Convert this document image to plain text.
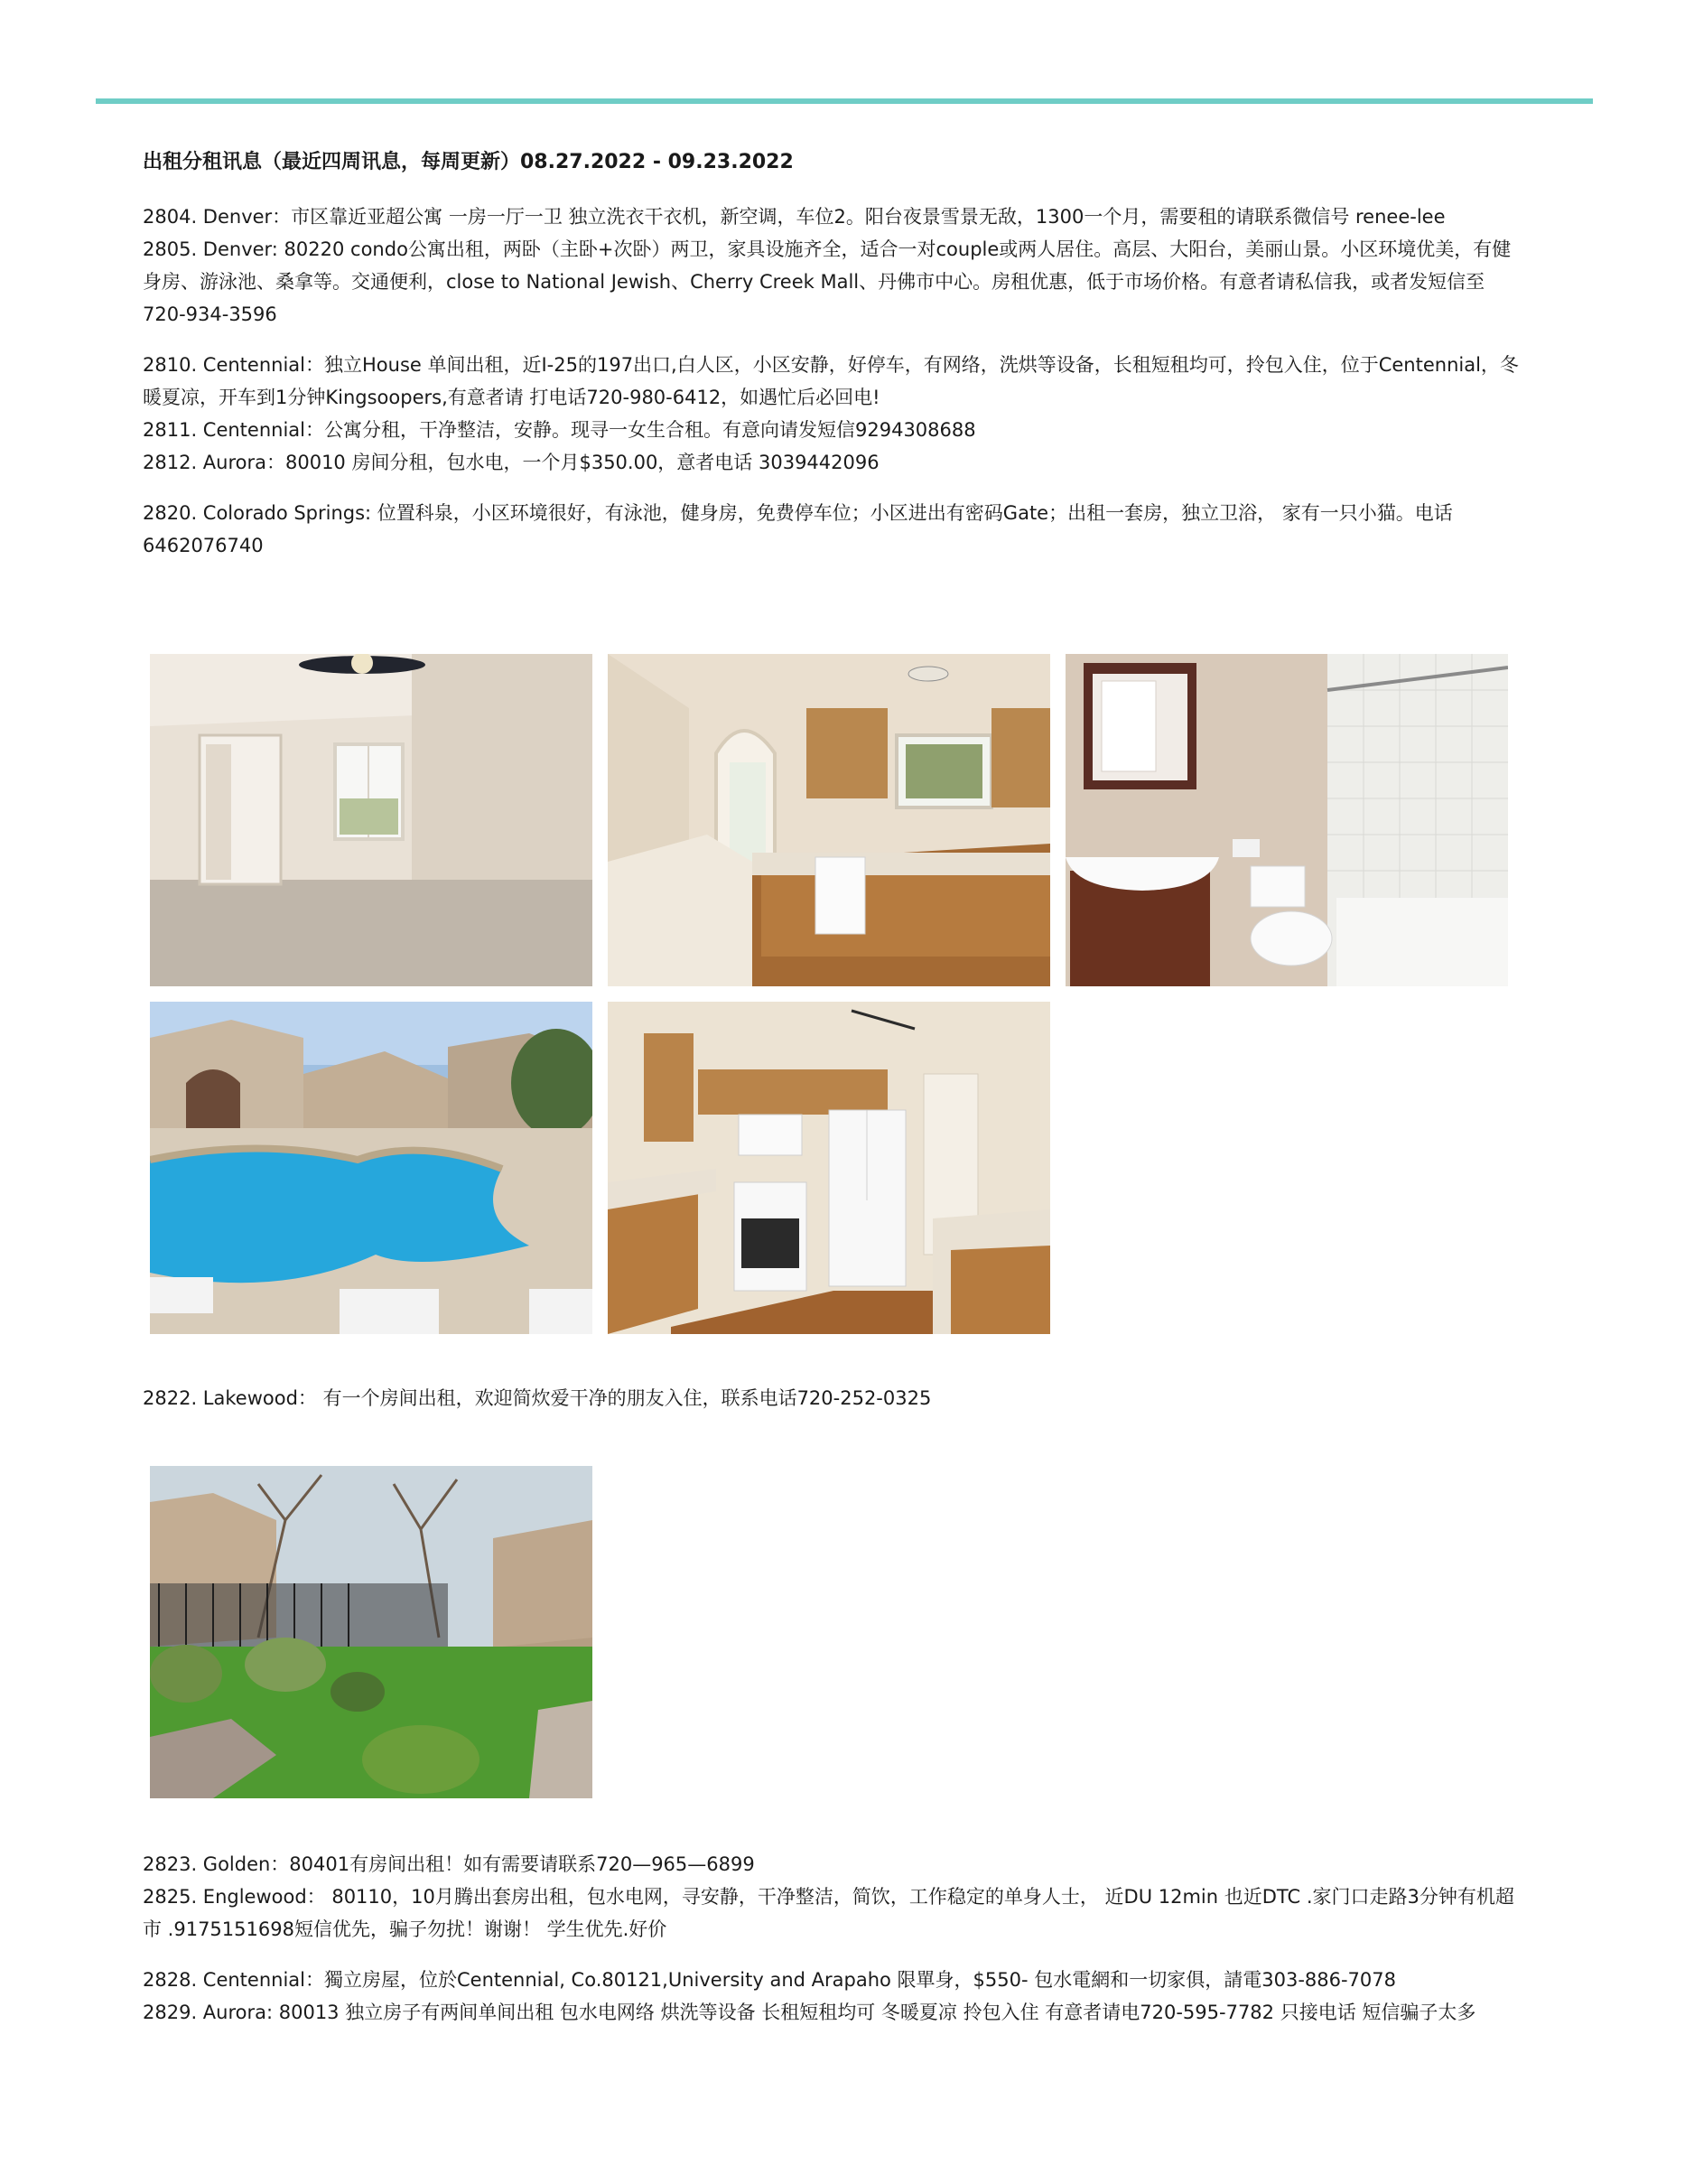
出租分租讯息（最近四周讯息，每周更新）08.27.2022 - 09.23.2022

2804. Denver：市区靠近亚超公寓 一房一厅一卫 独立洗衣干衣机，新空调，车位2。阳台夜景雪景无敌，1300一个月，需要租的请联系微信号 renee-lee

2805. Denver: 80220 condo公寓出租，两卧（主卧+次卧）两卫，家具设施齐全，适合一对couple或两人居住。高层、大阳台，美丽山景。小区环境优美，有健身房、游泳池、桑拿等。交通便利，close to National Jewish、Cherry Creek Mall、丹佛市中心。房租优惠，低于市场价格。有意者请私信我，或者发短信至 720-934-3596

2810. Centennial：独立House 单间出租，近I-25的197出口,白人区，小区安静，好停车，有网络，洗烘等设备，长租短租均可，拎包入住，位于Centennial，冬暖夏凉，开车到1分钟Kingsoopers,有意者请 打电话720-980-6412，如遇忙后必回电!

2811. Centennial：公寓分租，干净整洁，安静。现寻一女生合租。有意向请发短信9294308688

2812. Aurora：80010 房间分租，包水电，一个月$350.00，意者电话 3039442096

2820. Colorado Springs: 位置科泉，小区环境很好，有泳池，健身房，免费停车位；小区进出有密码Gate；出租一套房，独立卫浴， 家有一只小猫。电话6462076740

2822. Lakewood： 有一个房间出租，欢迎简炊爱干净的朋友入住，联系电话720-252-0325

2823. Golden：80401有房间出租！如有需要请联系720—965—6899

2825. Englewood： 80110，10月腾出套房出租，包水电网，寻安静，干净整洁，简饮，工作稳定的单身人士， 近DU 12min 也近DTC .家门口走路3分钟有机超市 .9175151698短信优先，骗子勿扰！谢谢！ 学生优先.好价

2828. Centennial：獨立房屋，位於Centennial, Co.80121,University and Arapaho 限單身，$550- 包水電網和一切家俱，請電303-886-7078

2829. Aurora: 80013 独立房子有两间单间出租 包水电网络 烘洗等设备 长租短租均可 冬暖夏凉 拎包入住 有意者请电720-595-7782 只接电话 短信骗子太多
